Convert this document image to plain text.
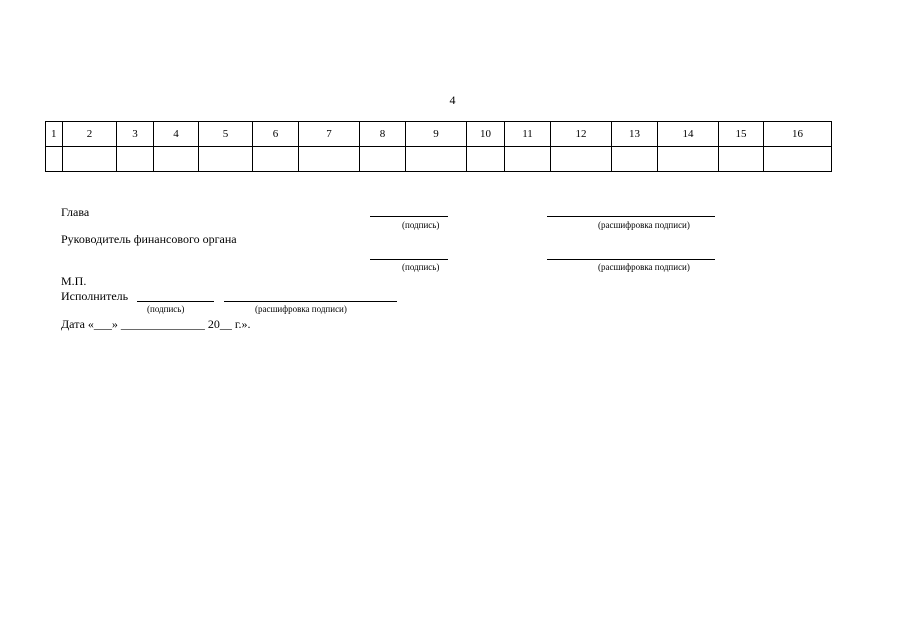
4
1	2	3	4	5	6	7	8	9	10	11	12	13	14	15	16

Глава
(подпись)	(расшифровка подписи)
Руководитель финансового органа
(подпись)	(расшифровка подписи)
М.П.
Исполнитель
(подпись)	(расшифровка подписи)
Дата «___» ______________ 20__ г.».
